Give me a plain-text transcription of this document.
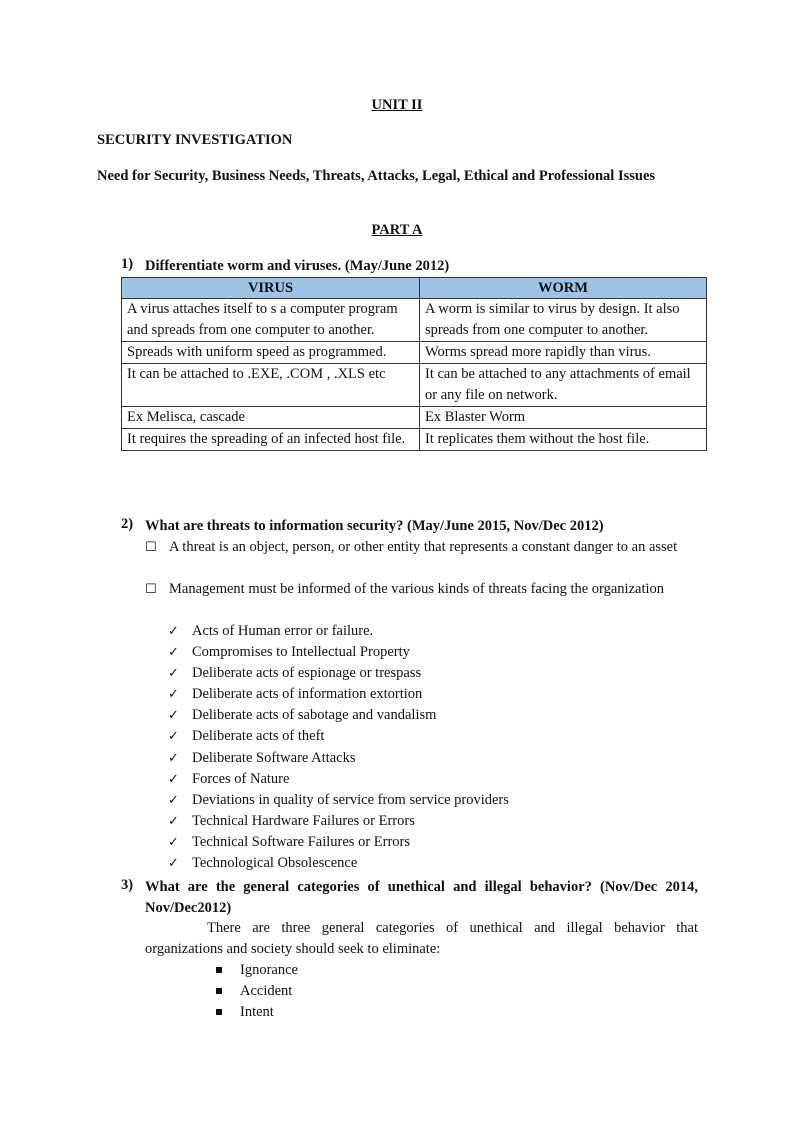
UNIT II
SECURITY INVESTIGATION
Need for Security, Business Needs, Threats, Attacks, Legal, Ethical and Professional Issues
PART A
1) Differentiate worm and viruses. (May/June 2012)
VIRUS	WORM
A virus attaches itself to s a computer program and spreads from one computer to another.	A worm is similar to virus by design. It also spreads from one computer to another.
Spreads with uniform speed as programmed.	Worms spread more rapidly than virus.
It can be attached to .EXE, .COM , .XLS etc	It can be attached to any attachments of email or any file on network.
Ex Melisca, cascade	Ex Blaster Worm
It requires the spreading of an infected host file.	It replicates them without the host file.
2) What are threats to information security? (May/June 2015, Nov/Dec 2012)
☐ A threat is an object, person, or other entity that represents a constant danger to an asset
☐ Management must be informed of the various kinds of threats facing the organization
✓ Acts of Human error or failure.
✓ Compromises to Intellectual Property
✓ Deliberate acts of espionage or trespass
✓ Deliberate acts of information extortion
✓ Deliberate acts of sabotage and vandalism
✓ Deliberate acts of theft
✓ Deliberate Software Attacks
✓ Forces of Nature
✓ Deviations in quality of service from service providers
✓ Technical Hardware Failures or Errors
✓ Technical Software Failures or Errors
✓ Technological Obsolescence
3) What are the general categories of unethical and illegal behavior? (Nov/Dec 2014, Nov/Dec2012)
There are three general categories of unethical and illegal behavior that organizations and society should seek to eliminate:
Ignorance
Accident
Intent
